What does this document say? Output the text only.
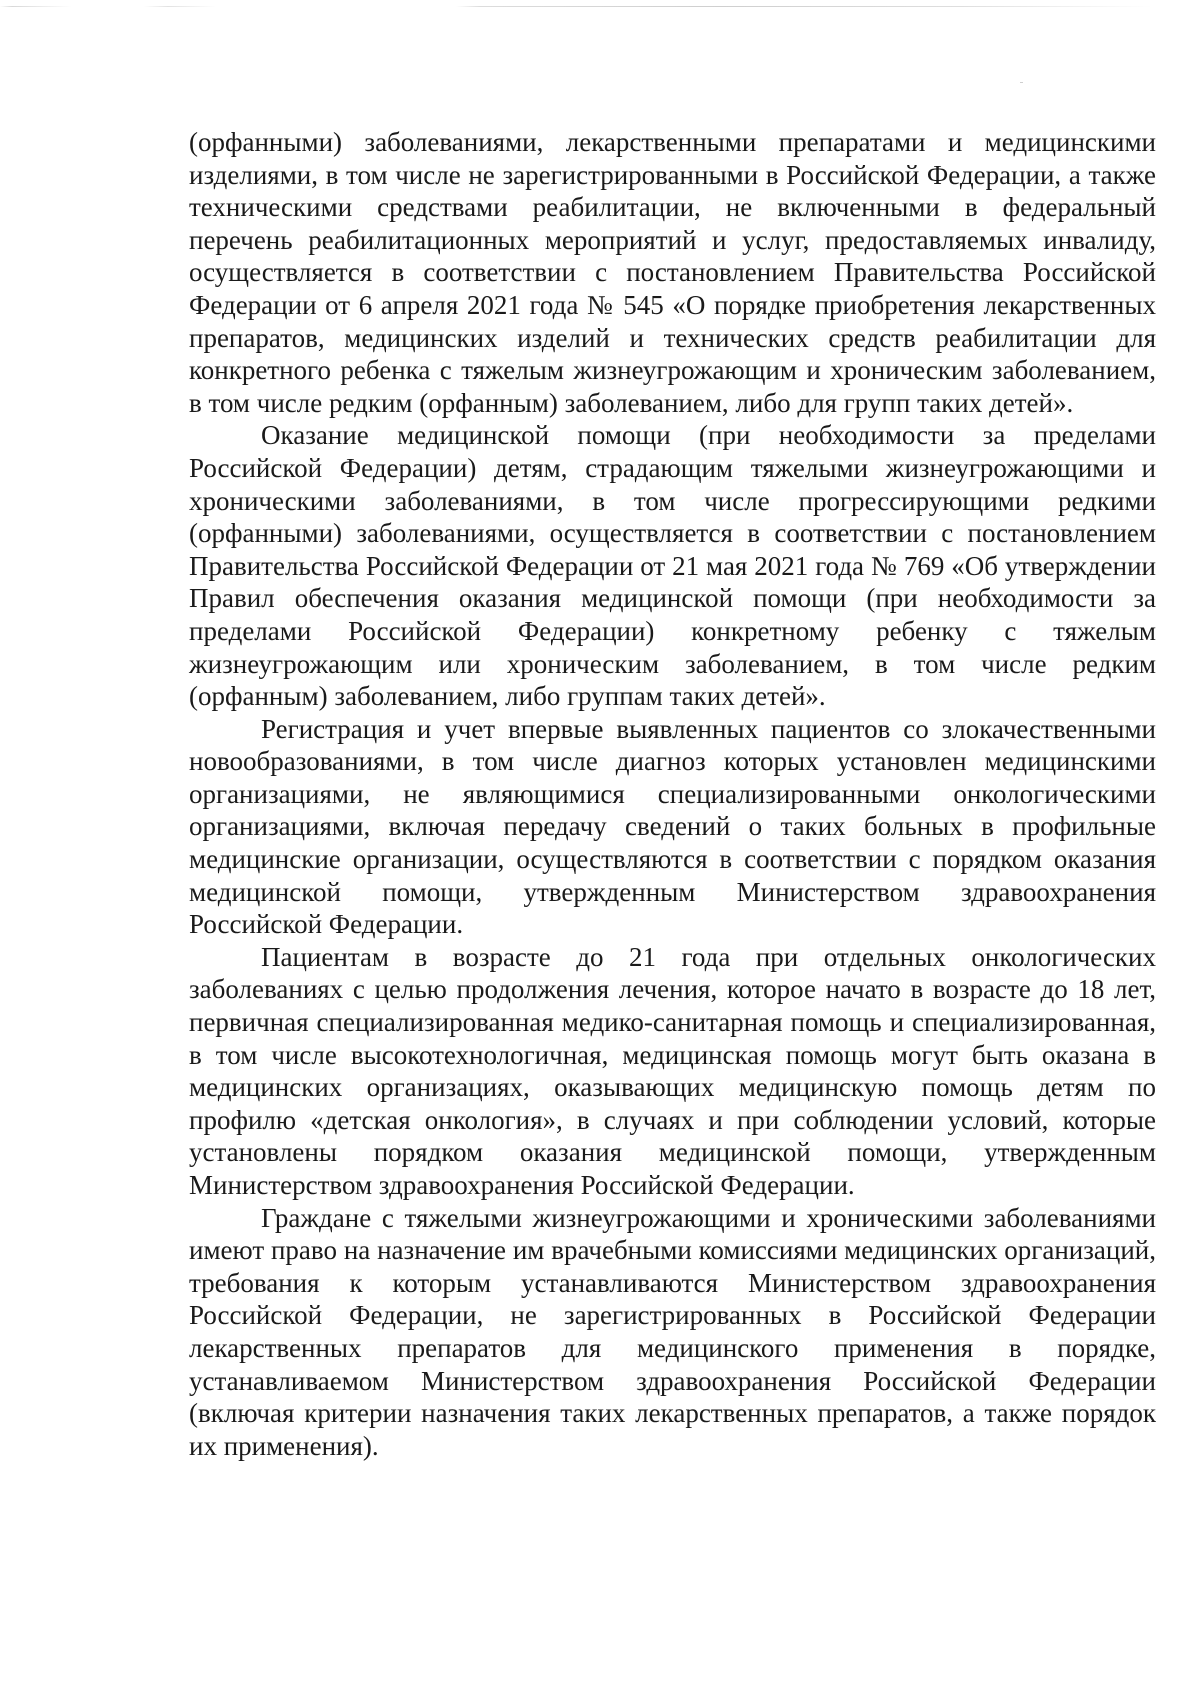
(орфанными) заболеваниями, лекарственными препаратами и медицинскими изделиями, в том числе не зарегистрированными в Российской Федерации, а также техническими средствами реабилитации, не включенными в федеральный перечень реабилитационных мероприятий и услуг, предоставляемых инвалиду, осуществляется в соответствии с постановлением Правительства Российской Федерации от 6 апреля 2021 года № 545 «О порядке приобретения лекарственных препаратов, медицинских изделий и технических средств реабилитации для конкретного ребенка с тяжелым жизнеугрожающим и хроническим заболеванием, в том числе редким (орфанным) заболеванием, либо для групп таких детей».

Оказание медицинской помощи (при необходимости за пределами Российской Федерации) детям, страдающим тяжелыми жизнеугрожающими и хроническими заболеваниями, в том числе прогрессирующими редкими (орфанными) заболеваниями, осуществляется в соответствии с постановлением Правительства Российской Федерации от 21 мая 2021 года № 769 «Об утверждении Правил обеспечения оказания медицинской помощи (при необходимости за пределами Российской Федерации) конкретному ребенку с тяжелым жизнеугрожающим или хроническим заболеванием, в том числе редким (орфанным) заболеванием, либо группам таких детей».

Регистрация и учет впервые выявленных пациентов со злокачественными новообразованиями, в том числе диагноз которых установлен медицинскими организациями, не являющимися специализированными онкологическими организациями, включая передачу сведений о таких больных в профильные медицинские организации, осуществляются в соответствии с порядком оказания медицинской помощи, утвержденным Министерством здравоохранения Российской Федерации.

Пациентам в возрасте до 21 года при отдельных онкологических заболеваниях с целью продолжения лечения, которое начато в возрасте до 18 лет, первичная специализированная медико-санитарная помощь и специализированная, в том числе высокотехнологичная, медицинская помощь могут быть оказана в медицинских организациях, оказывающих медицинскую помощь детям по профилю «детская онкология», в случаях и при соблюдении условий, которые установлены порядком оказания медицинской помощи, утвержденным Министерством здравоохранения Российской Федерации.

Граждане с тяжелыми жизнеугрожающими и хроническими заболеваниями имеют право на назначение им врачебными комиссиями медицинских организаций, требования к которым устанавливаются Министерством здравоохранения Российской Федерации, не зарегистрированных в Российской Федерации лекарственных препаратов для медицинского применения в порядке, устанавливаемом Министерством здравоохранения Российской Федерации (включая критерии назначения таких лекарственных препаратов, а также порядок их применения).
